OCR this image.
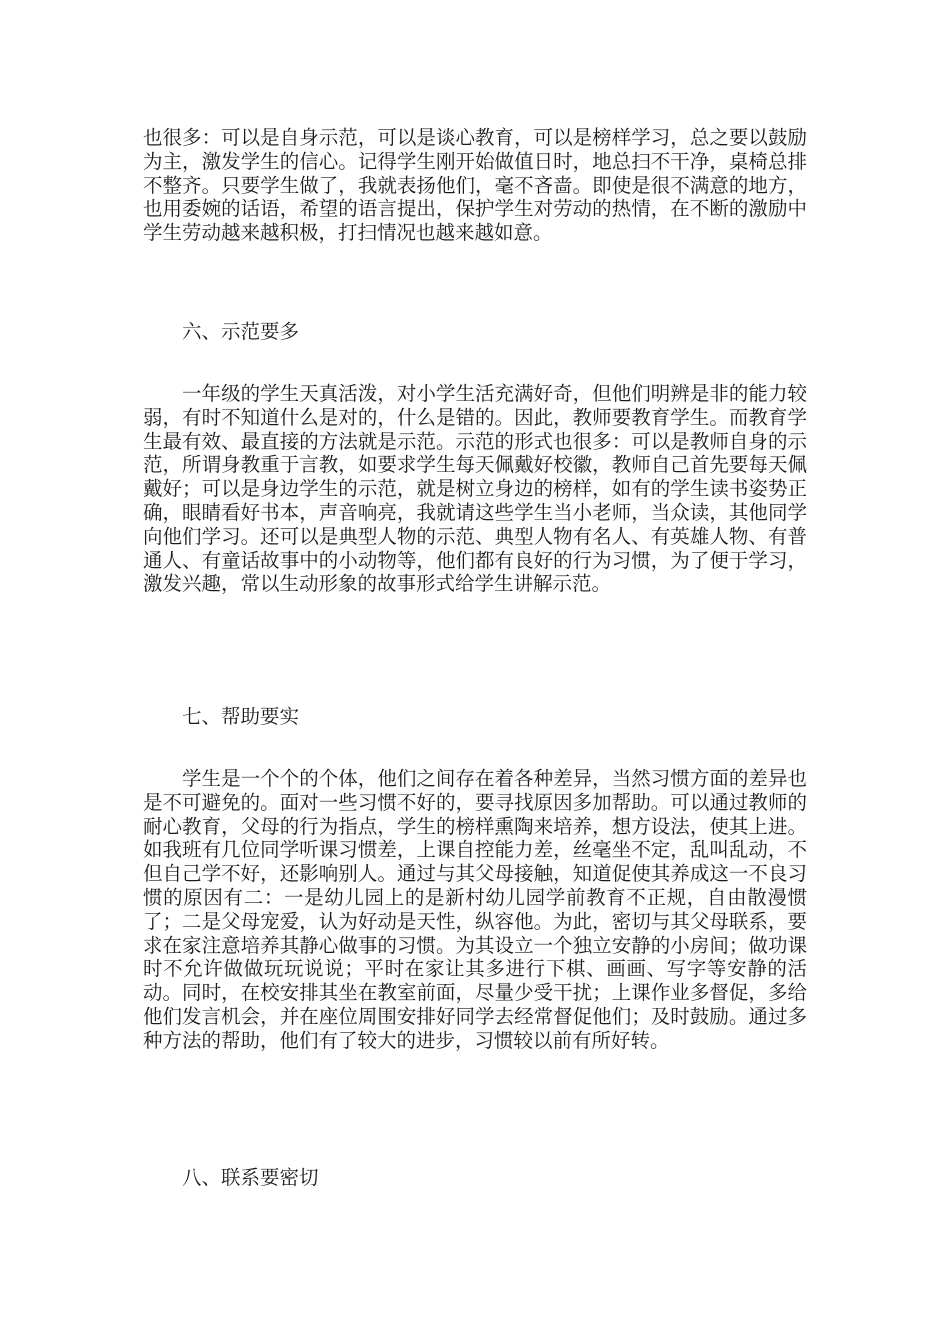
也很多：可以是自身示范，可以是谈心教育，可以是榜样学习，总之要以鼓励为主，激发学生的信心。记得学生刚开始做值日时，地总扫不干净，桌椅总排不整齐。只要学生做了，我就表扬他们，毫不吝啬。即使是很不满意的地方，也用委婉的话语，希望的语言提出，保护学生对劳动的热情，在不断的激励中学生劳动越来越积极，打扫情况也越来越如意。

六、示范要多

一年级的学生天真活泼，对小学生活充满好奇，但他们明辨是非的能力较弱，有时不知道什么是对的，什么是错的。因此，教师要教育学生。而教育学生最有效、最直接的方法就是示范。示范的形式也很多：可以是教师自身的示范，所谓身教重于言教，如要求学生每天佩戴好校徽，教师自己首先要每天佩戴好；可以是身边学生的示范，就是树立身边的榜样，如有的学生读书姿势正确，眼睛看好书本，声音响亮，我就请这些学生当小老师，当众读，其他同学向他们学习。还可以是典型人物的示范、典型人物有名人、有英雄人物、有普通人、有童话故事中的小动物等，他们都有良好的行为习惯，为了便于学习，激发兴趣，常以生动形象的故事形式给学生讲解示范。

七、帮助要实

学生是一个个的个体，他们之间存在着各种差异，当然习惯方面的差异也是不可避免的。面对一些习惯不好的，要寻找原因多加帮助。可以通过教师的耐心教育，父母的行为指点，学生的榜样熏陶来培养，想方设法，使其上进。如我班有几位同学听课习惯差，上课自控能力差，丝毫坐不定，乱叫乱动，不但自己学不好，还影响别人。通过与其父母接触，知道促使其养成这一不良习惯的原因有二：一是幼儿园上的是新村幼儿园学前教育不正规，自由散漫惯了；二是父母宠爱，认为好动是天性，纵容他。为此，密切与其父母联系，要求在家注意培养其静心做事的习惯。为其设立一个独立安静的小房间；做功课时不允许做做玩玩说说；平时在家让其多进行下棋、画画、写字等安静的活动。同时，在校安排其坐在教室前面，尽量少受干扰；上课作业多督促，多给他们发言机会，并在座位周围安排好同学去经常督促他们；及时鼓励。通过多种方法的帮助，他们有了较大的进步，习惯较以前有所好转。

八、联系要密切
